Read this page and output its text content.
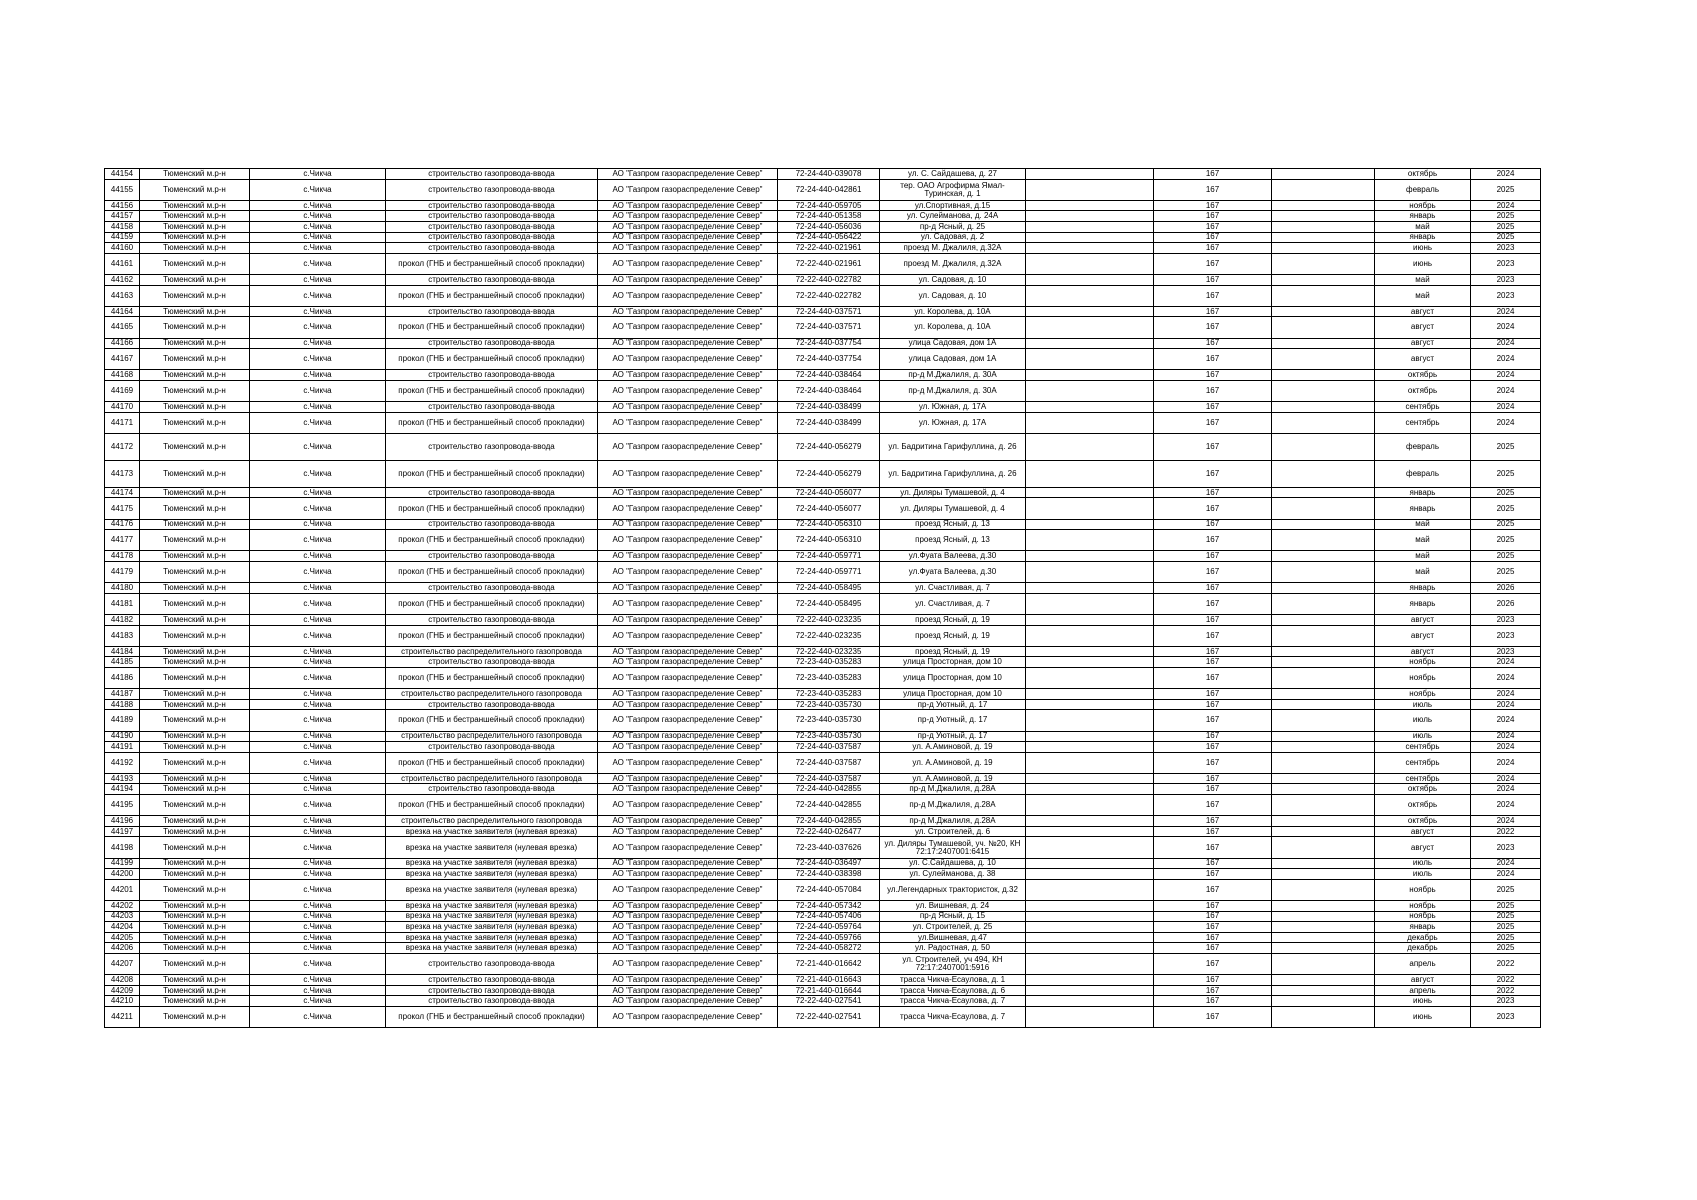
44154	Тюменский м.р-н	с.Чикча	строительство газопровода-ввода	АО "Газпром газораспределение Север"	72-24-440-039078	ул. С. Сайдашева, д. 27		167		октябрь	2024
44155	Тюменский м.р-н	с.Чикча	строительство газопровода-ввода	АО "Газпром газораспределение Север"	72-24-440-042861	тер. ОАО Агрофирма Ямал-Туринская, д. 1		167		февраль	2025
44156	Тюменский м.р-н	с.Чикча	строительство газопровода-ввода	АО "Газпром газораспределение Север"	72-24-440-059705	ул.Спортивная, д.15		167		ноябрь	2024
44157	Тюменский м.р-н	с.Чикча	строительство газопровода-ввода	АО "Газпром газораспределение Север"	72-24-440-051358	ул. Сулейманова, д. 24А		167		январь	2025
44158	Тюменский м.р-н	с.Чикча	строительство газопровода-ввода	АО "Газпром газораспределение Север"	72-24-440-056036	пр-д Ясный, д. 25		167		май	2025
44159	Тюменский м.р-н	с.Чикча	строительство газопровода-ввода	АО "Газпром газораспределение Север"	72-24-440-056422	ул. Садовая, д. 2		167		январь	2025
44160	Тюменский м.р-н	с.Чикча	строительство газопровода-ввода	АО "Газпром газораспределение Север"	72-22-440-021961	проезд М. Джалиля, д.32А		167		июнь	2023
44161	Тюменский м.р-н	с.Чикча	прокол (ГНБ и бестраншейный способ прокладки)	АО "Газпром газораспределение Север"	72-22-440-021961	проезд М. Джалиля, д.32А		167		июнь	2023
44162	Тюменский м.р-н	с.Чикча	строительство газопровода-ввода	АО "Газпром газораспределение Север"	72-22-440-022782	ул. Садовая, д. 10		167		май	2023
44163	Тюменский м.р-н	с.Чикча	прокол (ГНБ и бестраншейный способ прокладки)	АО "Газпром газораспределение Север"	72-22-440-022782	ул. Садовая, д. 10		167		май	2023
44164	Тюменский м.р-н	с.Чикча	строительство газопровода-ввода	АО "Газпром газораспределение Север"	72-24-440-037571	ул. Королева, д. 10А		167		август	2024
44165	Тюменский м.р-н	с.Чикча	прокол (ГНБ и бестраншейный способ прокладки)	АО "Газпром газораспределение Север"	72-24-440-037571	ул. Королева, д. 10А		167		август	2024
44166	Тюменский м.р-н	с.Чикча	строительство газопровода-ввода	АО "Газпром газораспределение Север"	72-24-440-037754	улица Садовая, дом 1А		167		август	2024
44167	Тюменский м.р-н	с.Чикча	прокол (ГНБ и бестраншейный способ прокладки)	АО "Газпром газораспределение Север"	72-24-440-037754	улица Садовая, дом 1А		167		август	2024
44168	Тюменский м.р-н	с.Чикча	строительство газопровода-ввода	АО "Газпром газораспределение Север"	72-24-440-038464	пр-д М.Джалиля, д. 30А		167		октябрь	2024
44169	Тюменский м.р-н	с.Чикча	прокол (ГНБ и бестраншейный способ прокладки)	АО "Газпром газораспределение Север"	72-24-440-038464	пр-д М.Джалиля, д. 30А		167		октябрь	2024
44170	Тюменский м.р-н	с.Чикча	строительство газопровода-ввода	АО "Газпром газораспределение Север"	72-24-440-038499	ул. Южная, д. 17А		167		сентябрь	2024
44171	Тюменский м.р-н	с.Чикча	прокол (ГНБ и бестраншейный способ прокладки)	АО "Газпром газораспределение Север"	72-24-440-038499	ул. Южная, д. 17А		167		сентябрь	2024
44172	Тюменский м.р-н	с.Чикча	строительство газопровода-ввода	АО "Газпром газораспределение Север"	72-24-440-056279	ул. Бадритина Гарифуллина, д. 26		167		февраль	2025
44173	Тюменский м.р-н	с.Чикча	прокол (ГНБ и бестраншейный способ прокладки)	АО "Газпром газораспределение Север"	72-24-440-056279	ул. Бадритина Гарифуллина, д. 26		167		февраль	2025
44174	Тюменский м.р-н	с.Чикча	строительство газопровода-ввода	АО "Газпром газораспределение Север"	72-24-440-056077	ул. Диляры Тумашевой, д. 4		167		январь	2025
44175	Тюменский м.р-н	с.Чикча	прокол (ГНБ и бестраншейный способ прокладки)	АО "Газпром газораспределение Север"	72-24-440-056077	ул. Диляры Тумашевой, д. 4		167		январь	2025
44176	Тюменский м.р-н	с.Чикча	строительство газопровода-ввода	АО "Газпром газораспределение Север"	72-24-440-056310	проезд Ясный, д. 13		167		май	2025
44177	Тюменский м.р-н	с.Чикча	прокол (ГНБ и бестраншейный способ прокладки)	АО "Газпром газораспределение Север"	72-24-440-056310	проезд Ясный, д. 13		167		май	2025
44178	Тюменский м.р-н	с.Чикча	строительство газопровода-ввода	АО "Газпром газораспределение Север"	72-24-440-059771	ул.Фуата Валеева, д.30		167		май	2025
44179	Тюменский м.р-н	с.Чикча	прокол (ГНБ и бестраншейный способ прокладки)	АО "Газпром газораспределение Север"	72-24-440-059771	ул.Фуата Валеева, д.30		167		май	2025
44180	Тюменский м.р-н	с.Чикча	строительство газопровода-ввода	АО "Газпром газораспределение Север"	72-24-440-058495	ул. Счастливая, д. 7		167		январь	2026
44181	Тюменский м.р-н	с.Чикча	прокол (ГНБ и бестраншейный способ прокладки)	АО "Газпром газораспределение Север"	72-24-440-058495	ул. Счастливая, д. 7		167		январь	2026
44182	Тюменский м.р-н	с.Чикча	строительство газопровода-ввода	АО "Газпром газораспределение Север"	72-22-440-023235	проезд Ясный, д. 19		167		август	2023
44183	Тюменский м.р-н	с.Чикча	прокол (ГНБ и бестраншейный способ прокладки)	АО "Газпром газораспределение Север"	72-22-440-023235	проезд Ясный, д. 19		167		август	2023
44184	Тюменский м.р-н	с.Чикча	строительство распределительного газопровода	АО "Газпром газораспределение Север"	72-22-440-023235	проезд Ясный, д. 19		167		август	2023
44185	Тюменский м.р-н	с.Чикча	строительство газопровода-ввода	АО "Газпром газораспределение Север"	72-23-440-035283	улица Просторная, дом 10		167		ноябрь	2024
44186	Тюменский м.р-н	с.Чикча	прокол (ГНБ и бестраншейный способ прокладки)	АО "Газпром газораспределение Север"	72-23-440-035283	улица Просторная, дом 10		167		ноябрь	2024
44187	Тюменский м.р-н	с.Чикча	строительство распределительного газопровода	АО "Газпром газораспределение Север"	72-23-440-035283	улица Просторная, дом 10		167		ноябрь	2024
44188	Тюменский м.р-н	с.Чикча	строительство газопровода-ввода	АО "Газпром газораспределение Север"	72-23-440-035730	пр-д Уютный, д. 17		167		июль	2024
44189	Тюменский м.р-н	с.Чикча	прокол (ГНБ и бестраншейный способ прокладки)	АО "Газпром газораспределение Север"	72-23-440-035730	пр-д Уютный, д. 17		167		июль	2024
44190	Тюменский м.р-н	с.Чикча	строительство распределительного газопровода	АО "Газпром газораспределение Север"	72-23-440-035730	пр-д Уютный, д. 17		167		июль	2024
44191	Тюменский м.р-н	с.Чикча	строительство газопровода-ввода	АО "Газпром газораспределение Север"	72-24-440-037587	ул. А.Аминовой, д. 19		167		сентябрь	2024
44192	Тюменский м.р-н	с.Чикча	прокол (ГНБ и бестраншейный способ прокладки)	АО "Газпром газораспределение Север"	72-24-440-037587	ул. А.Аминовой, д. 19		167		сентябрь	2024
44193	Тюменский м.р-н	с.Чикча	строительство распределительного газопровода	АО "Газпром газораспределение Север"	72-24-440-037587	ул. А.Аминовой, д. 19		167		сентябрь	2024
44194	Тюменский м.р-н	с.Чикча	строительство газопровода-ввода	АО "Газпром газораспределение Север"	72-24-440-042855	пр-д М.Джалиля, д.28А		167		октябрь	2024
44195	Тюменский м.р-н	с.Чикча	прокол (ГНБ и бестраншейный способ прокладки)	АО "Газпром газораспределение Север"	72-24-440-042855	пр-д М.Джалиля, д.28А		167		октябрь	2024
44196	Тюменский м.р-н	с.Чикча	строительство распределительного газопровода	АО "Газпром газораспределение Север"	72-24-440-042855	пр-д М.Джалиля, д.28А		167		октябрь	2024
44197	Тюменский м.р-н	с.Чикча	врезка на участке заявителя (нулевая врезка)	АО "Газпром газораспределение Север"	72-22-440-026477	ул. Строителей, д. 6		167		август	2022
44198	Тюменский м.р-н	с.Чикча	врезка на участке заявителя (нулевая врезка)	АО "Газпром газораспределение Север"	72-23-440-037626	ул. Диляры Тумашевой, уч. №20, КН 72:17:2407001:6415		167		август	2023
44199	Тюменский м.р-н	с.Чикча	врезка на участке заявителя (нулевая врезка)	АО "Газпром газораспределение Север"	72-24-440-036497	ул. С.Сайдашева, д. 10		167		июль	2024
44200	Тюменский м.р-н	с.Чикча	врезка на участке заявителя (нулевая врезка)	АО "Газпром газораспределение Север"	72-24-440-038398	ул. Сулейманова, д. 38		167		июль	2024
44201	Тюменский м.р-н	с.Чикча	врезка на участке заявителя (нулевая врезка)	АО "Газпром газораспределение Север"	72-24-440-057084	ул.Легендарных трактористок, д.32		167		ноябрь	2025
44202	Тюменский м.р-н	с.Чикча	врезка на участке заявителя (нулевая врезка)	АО "Газпром газораспределение Север"	72-24-440-057342	ул. Вишневая, д. 24		167		ноябрь	2025
44203	Тюменский м.р-н	с.Чикча	врезка на участке заявителя (нулевая врезка)	АО "Газпром газораспределение Север"	72-24-440-057406	пр-д Ясный, д. 15		167		ноябрь	2025
44204	Тюменский м.р-н	с.Чикча	врезка на участке заявителя (нулевая врезка)	АО "Газпром газораспределение Север"	72-24-440-059764	ул. Строителей, д. 25		167		январь	2025
44205	Тюменский м.р-н	с.Чикча	врезка на участке заявителя (нулевая врезка)	АО "Газпром газораспределение Север"	72-24-440-059766	ул.Вишневая, д.47		167		декабрь	2025
44206	Тюменский м.р-н	с.Чикча	врезка на участке заявителя (нулевая врезка)	АО "Газпром газораспределение Север"	72-24-440-058272	ул. Радостная, д. 50		167		декабрь	2025
44207	Тюменский м.р-н	с.Чикча	строительство газопровода-ввода	АО "Газпром газораспределение Север"	72-21-440-016642	ул. Строителей, уч 494, КН 72:17:2407001:5916		167		апрель	2022
44208	Тюменский м.р-н	с.Чикча	строительство газопровода-ввода	АО "Газпром газораспределение Север"	72-21-440-016643	трасса Чикча-Есаулова, д. 1		167		август	2022
44209	Тюменский м.р-н	с.Чикча	строительство газопровода-ввода	АО "Газпром газораспределение Север"	72-21-440-016644	трасса Чикча-Есаулова, д. 6		167		апрель	2022
44210	Тюменский м.р-н	с.Чикча	строительство газопровода-ввода	АО "Газпром газораспределение Север"	72-22-440-027541	трасса Чикча-Есаулова, д. 7		167		июнь	2023
44211	Тюменский м.р-н	с.Чикча	прокол (ГНБ и бестраншейный способ прокладки)	АО "Газпром газораспределение Север"	72-22-440-027541	трасса Чикча-Есаулова, д. 7		167		июнь	2023
